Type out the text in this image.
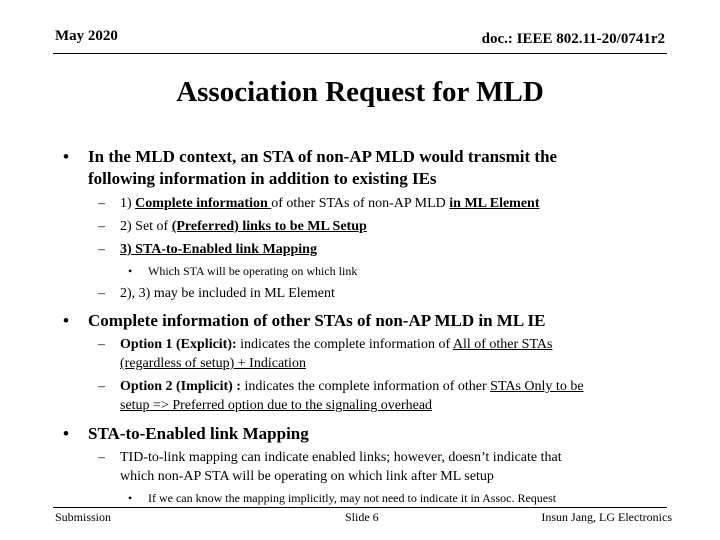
May 2020	doc.: IEEE 802.11-20/0741r2
Association Request for MLD
• In the MLD context, an STA of non-AP MLD would transmit the
following information in addition to existing IEs
– 1) Complete information of other STAs of non-AP MLD in ML Element
– 2) Set of (Preferred) links to be ML Setup
– 3) STA-to-Enabled link Mapping
• Which STA will be operating on which link
– 2), 3) may be included in ML Element
• Complete information of other STAs of non-AP MLD in ML IE
– Option 1 (Explicit): indicates the complete information of All of other STAs
(regardless of setup) + Indication
– Option 2 (Implicit) : indicates the complete information of other STAs Only to be
setup => Preferred option due to the signaling overhead
• STA-to-Enabled link Mapping
– TID-to-link mapping can indicate enabled links; however, doesn’t indicate that
which non-AP STA will be operating on which link after ML setup
• If we can know the mapping implicitly, may not need to indicate it in Assoc. Request
Submission	Slide 6	Insun Jang, LG Electronics
